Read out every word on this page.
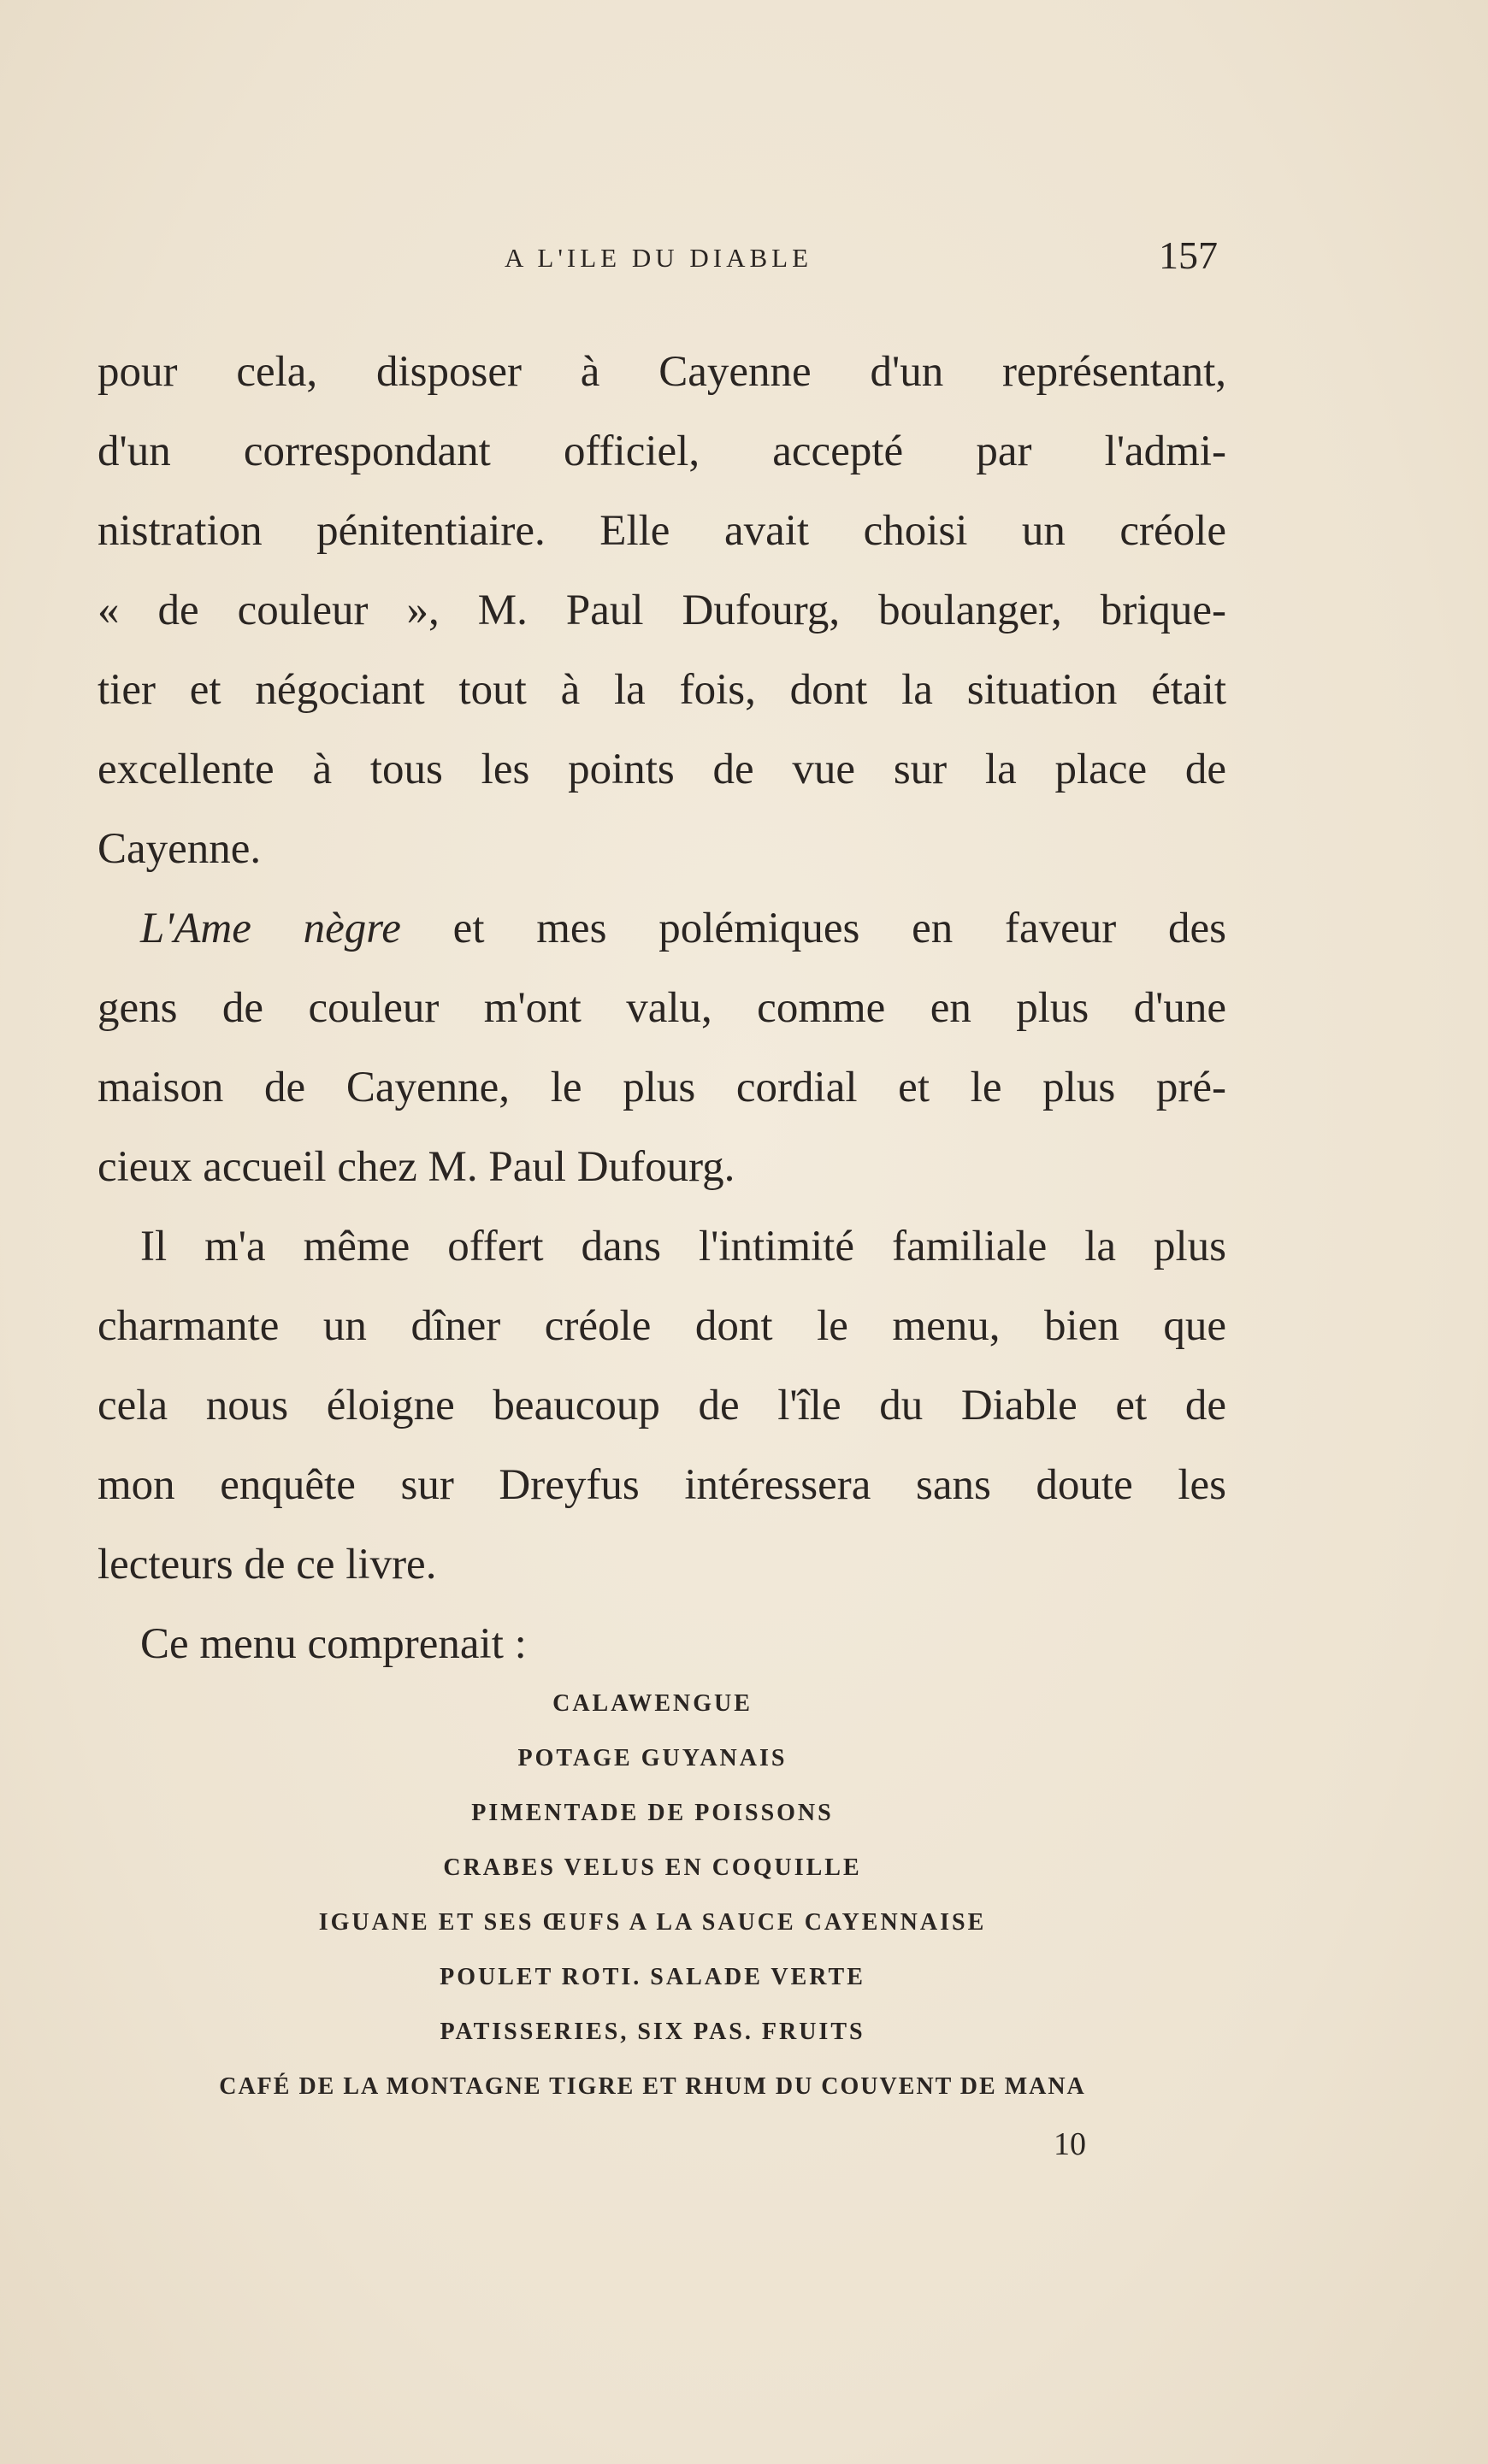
A L'ILE DU DIABLE	157
pour cela, disposer à Cayenne d'un représentant,
d'un correspondant officiel, accepté par l'admi-
nistration pénitentiaire. Elle avait choisi un créole
« de couleur », M. Paul Dufourg, boulanger, brique-
tier et négociant tout à la fois, dont la situation était
excellente à tous les points de vue sur la place de
Cayenne.
L'Ame nègre et mes polémiques en faveur des
gens de couleur m'ont valu, comme en plus d'une
maison de Cayenne, le plus cordial et le plus pré-
cieux accueil chez M. Paul Dufourg.
Il m'a même offert dans l'intimité familiale la plus
charmante un dîner créole dont le menu, bien que
cela nous éloigne beaucoup de l'île du Diable et de
mon enquête sur Dreyfus intéressera sans doute les
lecteurs de ce livre.
Ce menu comprenait :
CALAWENGUE
POTAGE GUYANAIS
PIMENTADE DE POISSONS
CRABES VELUS EN COQUILLE
IGUANE ET SES ŒUFS A LA SAUCE CAYENNAISE
POULET ROTI. SALADE VERTE
PATISSERIES, SIX PAS. FRUITS
CAFÉ DE LA MONTAGNE TIGRE ET RHUM DU COUVENT DE MANA
10
